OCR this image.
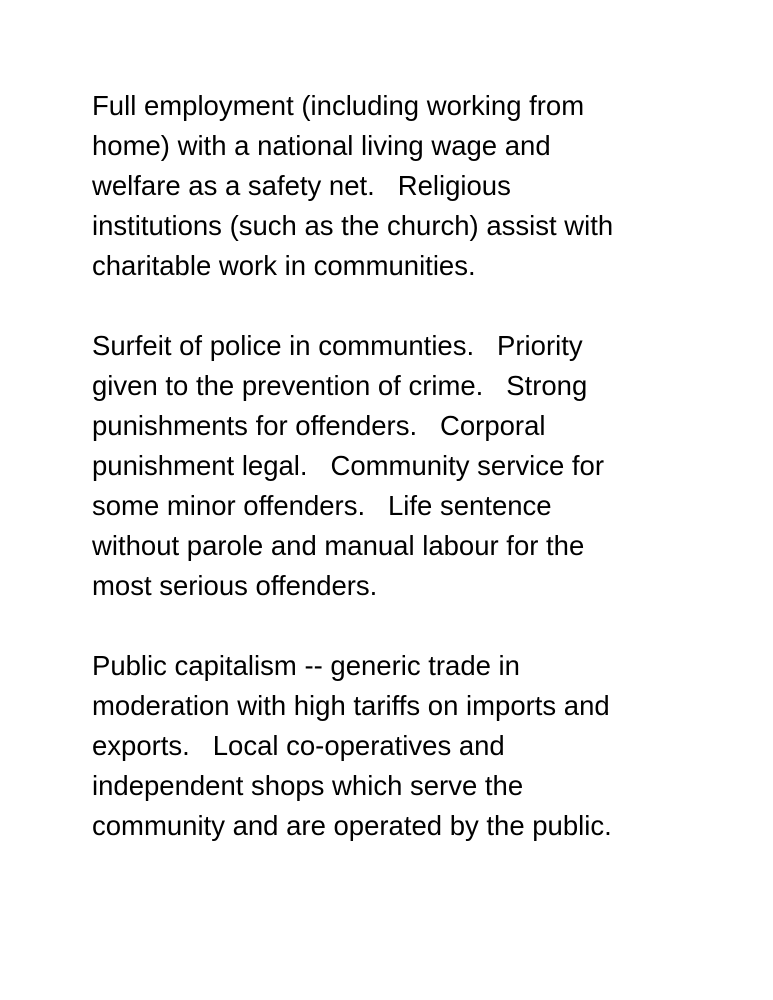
Full employment (including working from
home) with a national living wage and
welfare as a safety net.   Religious
institutions (such as the church) assist with
charitable work in communities.

Surfeit of police in communties.   Priority
given to the prevention of crime.   Strong
punishments for offenders.   Corporal
punishment legal.   Community service for
some minor offenders.   Life sentence
without parole and manual labour for the
most serious offenders.

Public capitalism -- generic trade in
moderation with high tariffs on imports and
exports.   Local co-operatives and
independent shops which serve the
community and are operated by the public.
